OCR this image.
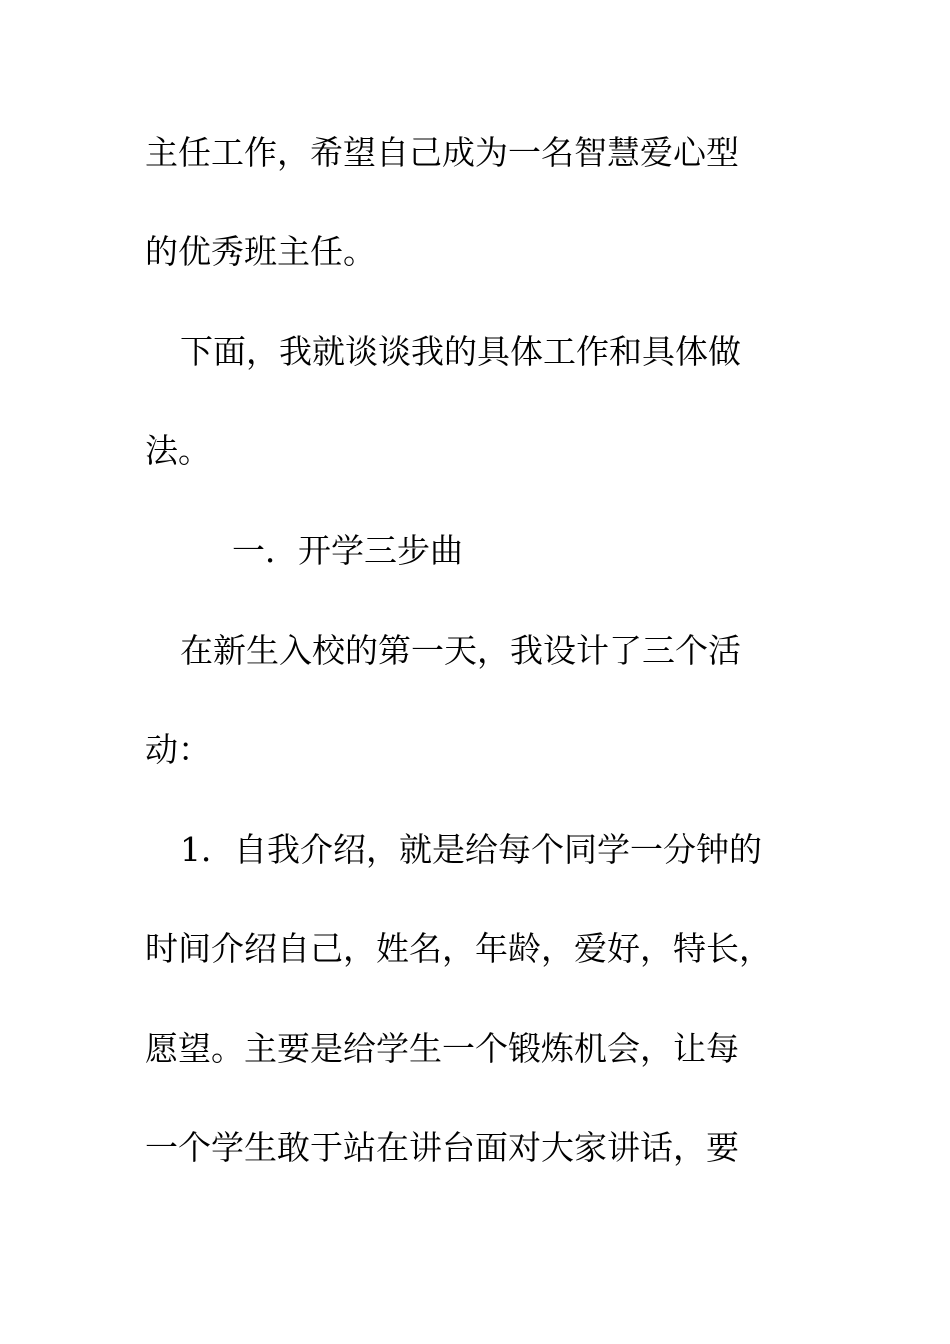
主任工作，希望自己成为一名智慧爱心型
的优秀班主任。
下面，我就谈谈我的具体工作和具体做
法。
一．开学三步曲
在新生入校的第一天，我设计了三个活
动：
1．自我介绍，就是给每个同学一分钟的
时间介绍自己，姓名，年龄，爱好，特长，
愿望。主要是给学生一个锻炼机会，让每
一个学生敢于站在讲台面对大家讲话，要
